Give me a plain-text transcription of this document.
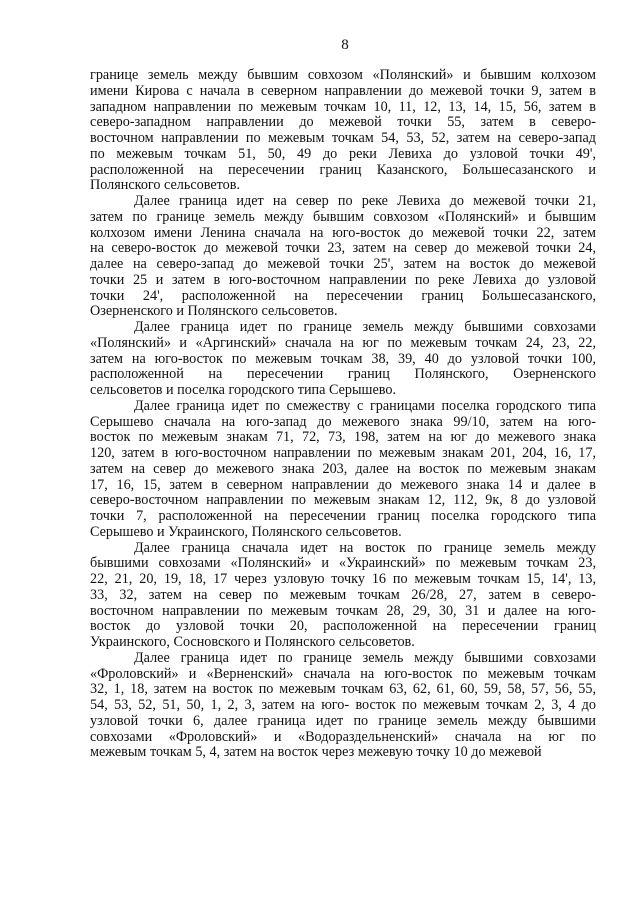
8
границе земель между бывшим совхозом «Полянский» и бывшим колхозом
имени Кирова с начала в северном направлении до межевой точки 9, затем в
западном направлении по межевым точкам 10, 11, 12, 13, 14, 15, 56, затем в
северо-западном направлении до межевой точки 55, затем в северо-
восточном направлении по межевым точкам 54, 53, 52, затем на северо-запад
по межевым точкам 51, 50, 49 до реки Левиха до узловой точки 49',
расположенной на пересечении границ Казанского, Большесазанского и
Полянского сельсоветов.
Далее граница идет на север по реке Левиха до межевой точки 21,
затем по границе земель между бывшим совхозом «Полянский» и бывшим
колхозом имени Ленина сначала на юго-восток до межевой точки 22, затем
на северо-восток до межевой точки 23, затем на север до межевой точки 24,
далее на северо-запад до межевой точки 25', затем на восток до межевой
точки 25 и затем в юго-восточном направлении по реке Левиха до узловой
точки 24', расположенной на пересечении границ Большесазанского,
Озерненского и Полянского сельсоветов.
Далее граница идет по границе земель между бывшими совхозами
«Полянский» и «Аргинский» сначала на юг по межевым точкам 24, 23, 22,
затем на юго-восток по межевым точкам 38, 39, 40 до узловой точки 100,
расположенной на пересечении границ Полянского, Озерненского
сельсоветов и поселка городского типа Серышево.
Далее граница идет по смежеству с границами поселка городского типа
Серышево сначала на юго-запад до межевого знака 99/10, затем на юго-
восток по межевым знакам 71, 72, 73, 198, затем на юг до межевого знака
120, затем в юго-восточном направлении по межевым знакам 201, 204, 16, 17,
затем на север до межевого знака 203, далее на восток по межевым знакам
17, 16, 15, затем в северном направлении до межевого знака 14 и далее в
северо-восточном направлении по межевым знакам 12, 112, 9к, 8 до узловой
точки 7, расположенной на пересечении границ поселка городского типа
Серышево и Украинского, Полянского сельсоветов.
Далее граница сначала идет на восток по границе земель между
бывшими совхозами «Полянский» и «Украинский» по межевым точкам 23,
22, 21, 20, 19, 18, 17 через узловую точку 16 по межевым точкам 15, 14', 13,
33, 32, затем на север по межевым точкам 26/28, 27, затем в северо-
восточном направлении по межевым точкам 28, 29, 30, 31 и далее на юго-
восток до узловой точки 20, расположенной на пересечении границ
Украинского, Сосновского и Полянского сельсоветов.
Далее граница идет по границе земель между бывшими совхозами
«Фроловский» и «Верненский» сначала на юго-восток по межевым точкам
32, 1, 18, затем на восток по межевым точкам 63, 62, 61, 60, 59, 58, 57, 56, 55,
54, 53, 52, 51, 50, 1, 2, 3, затем на юго- восток по межевым точкам 2, 3, 4 до
узловой точки 6, далее граница идет по границе земель между бывшими
совхозами «Фроловский» и «Водораздельненский» сначала на юг по
межевым точкам 5, 4, затем на восток через межевую точку 10 до межевой
